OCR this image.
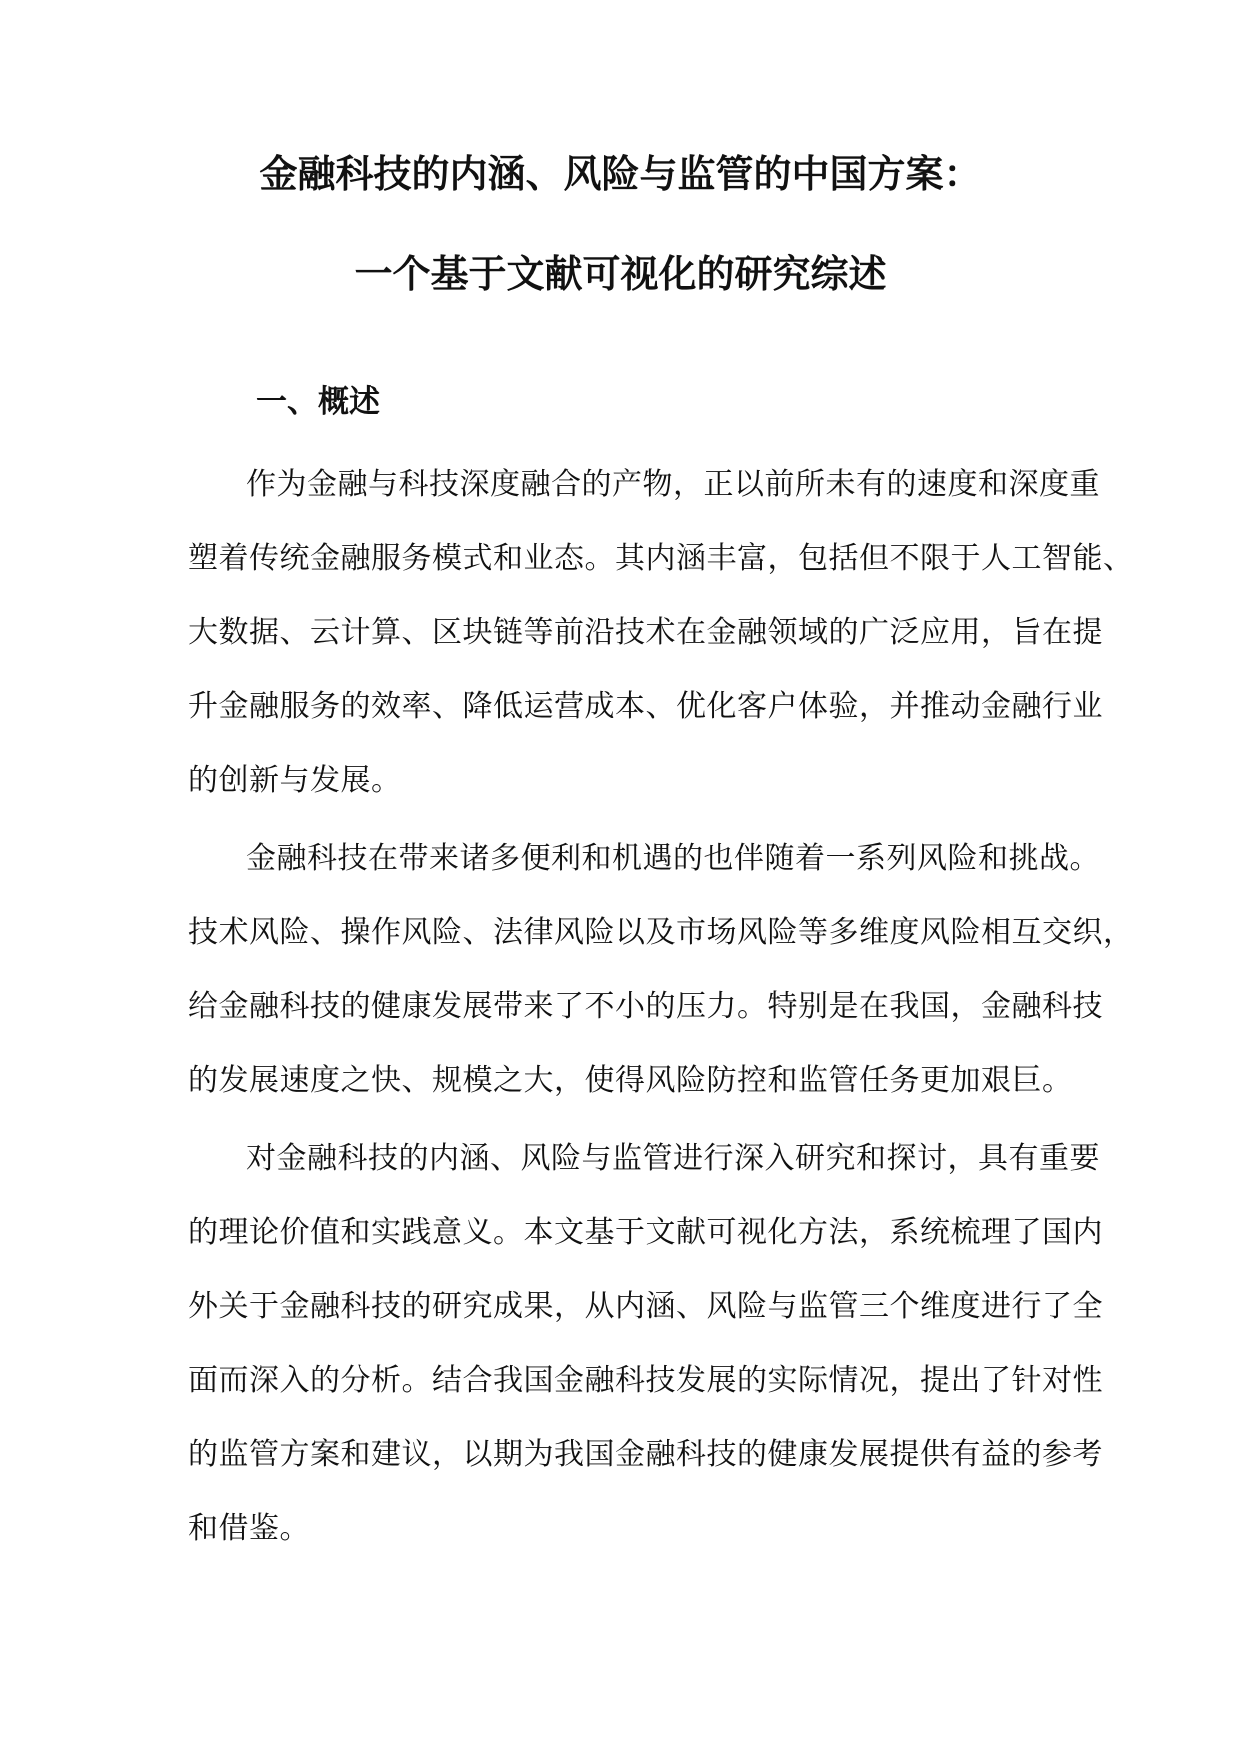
金融科技的内涵、风险与监管的中国方案：
一个基于文献可视化的研究综述
一、概述
作为金融与科技深度融合的产物，正以前所未有的速度和深度重
塑着传统金融服务模式和业态。其内涵丰富，包括但不限于人工智能、
大数据、云计算、区块链等前沿技术在金融领域的广泛应用，旨在提
升金融服务的效率、降低运营成本、优化客户体验，并推动金融行业
的创新与发展。
金融科技在带来诸多便利和机遇的也伴随着一系列风险和挑战。
技术风险、操作风险、法律风险以及市场风险等多维度风险相互交织，
给金融科技的健康发展带来了不小的压力。特别是在我国，金融科技
的发展速度之快、规模之大，使得风险防控和监管任务更加艰巨。
对金融科技的内涵、风险与监管进行深入研究和探讨，具有重要
的理论价值和实践意义。本文基于文献可视化方法，系统梳理了国内
外关于金融科技的研究成果，从内涵、风险与监管三个维度进行了全
面而深入的分析。结合我国金融科技发展的实际情况，提出了针对性
的监管方案和建议，以期为我国金融科技的健康发展提供有益的参考
和借鉴。
